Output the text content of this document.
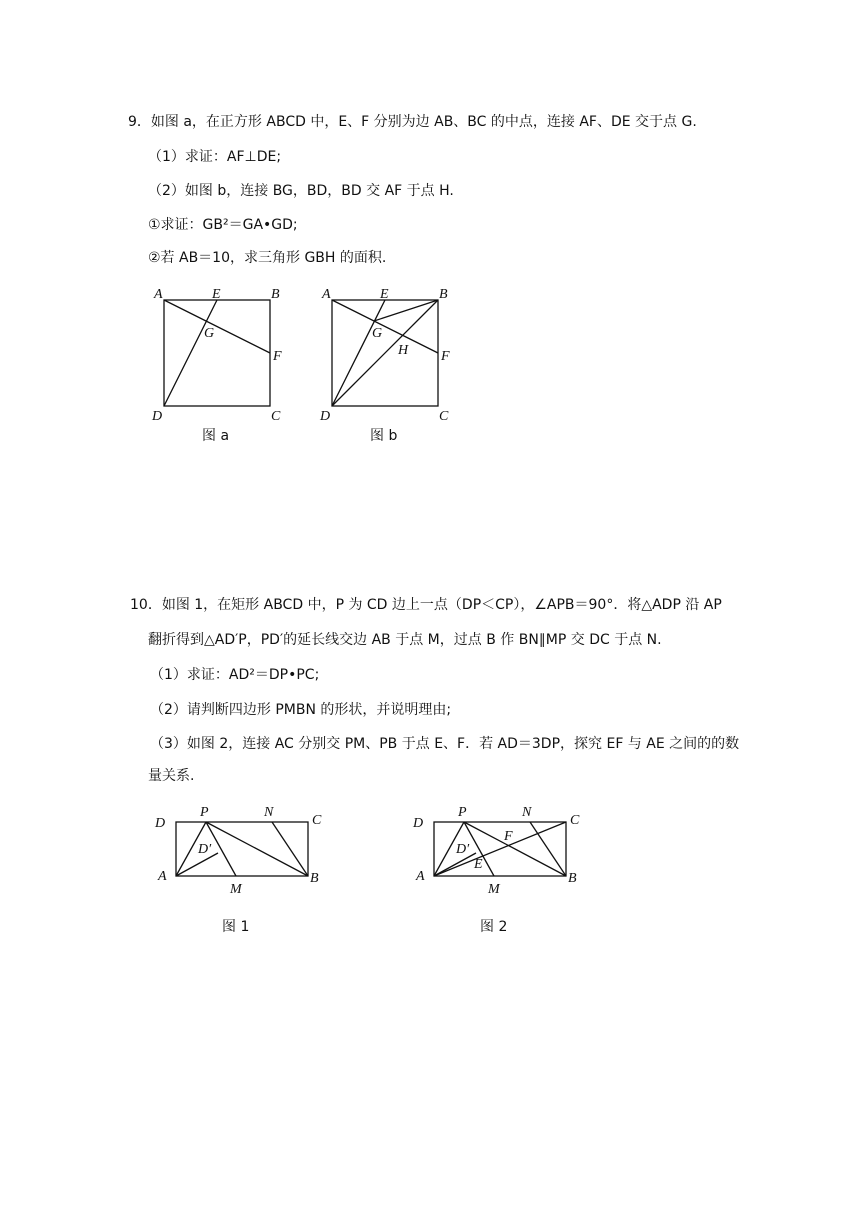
9．如图 a，在正方形 ABCD 中，E、F 分别为边 AB、BC 的中点，连接 AF、DE 交于点 G.
（1）求证：AF⊥DE;
（2）如图 b，连接 BG，BD，BD 交 AF 于点 H.
①求证：GB²＝GA•GD;
②若 AB＝10，求三角形 GBH 的面积.
A	E	B
G
F
D	C
图 a
A	E	B
G
H F
D	C
图 b
10．如图 1，在矩形 ABCD 中，P 为 CD 边上一点（DP＜CP），∠APB＝90°．将△ADP 沿 AP
翻折得到△AD′P，PD′的延长线交边 AB 于点 M，过点 B 作 BN∥MP 交 DC 于点 N.
（1）求证：AD²＝DP•PC;
（2）请判断四边形 PMBN 的形状，并说明理由;
（3）如图 2，连接 AC 分别交 PM、PB 于点 E、F．若 AD＝3DP，探究 EF 与 AE 之间的的数
量关系.
D
P	N
C
D′
A
M
B
图 1
D
P	N
C
D′
E
F
A
M
B
图 2
